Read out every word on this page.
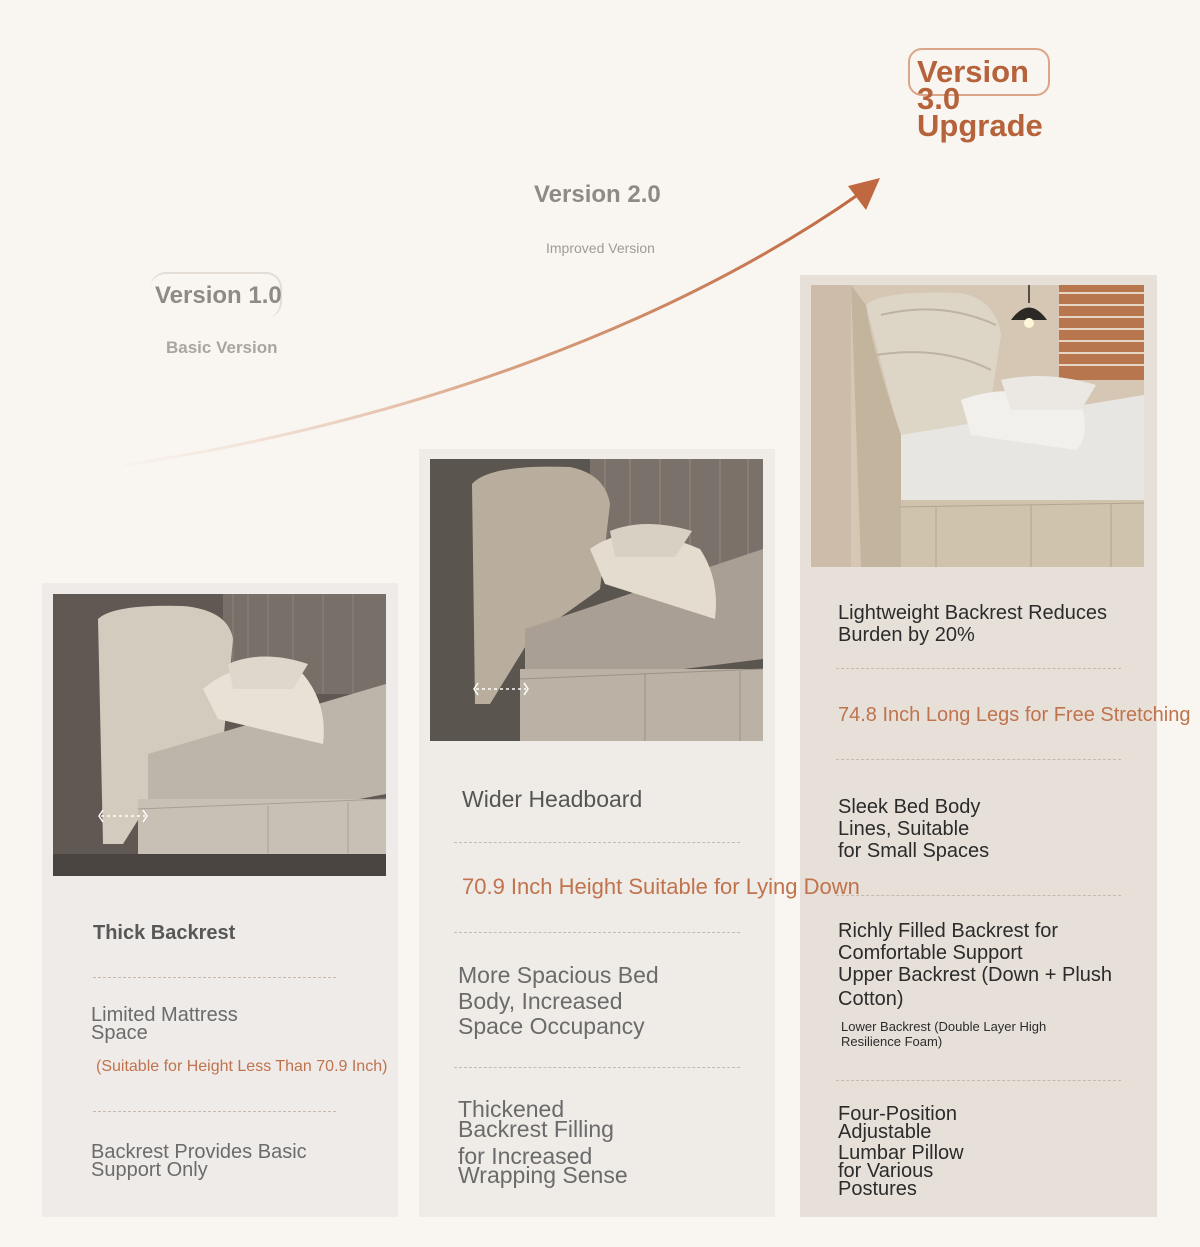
Version 1.0
Basic Version
Version 2.0
Improved Version
Version
3.0
Upgrade
Thick Backrest
Limited Mattress
Space
(Suitable for Height Less Than 70.9 Inch)
Backrest Provides Basic
Support Only
Wider Headboard
70.9 Inch Height Suitable for Lying Down
More Spacious Bed
Body, Increased
Space Occupancy
Thickened
Backrest Filling
for Increased
Wrapping Sense
Lightweight Backrest Reduces
Burden by 20%
74.8 Inch Long Legs for Free Stretching
Sleek Bed Body
Lines, Suitable
for Small Spaces
Richly Filled Backrest for
Comfortable Support
Upper Backrest (Down + Plush
Cotton)
Lower Backrest (Double Layer High
Resilience Foam)
Four-Position
Adjustable
Lumbar Pillow
for Various
Postures
